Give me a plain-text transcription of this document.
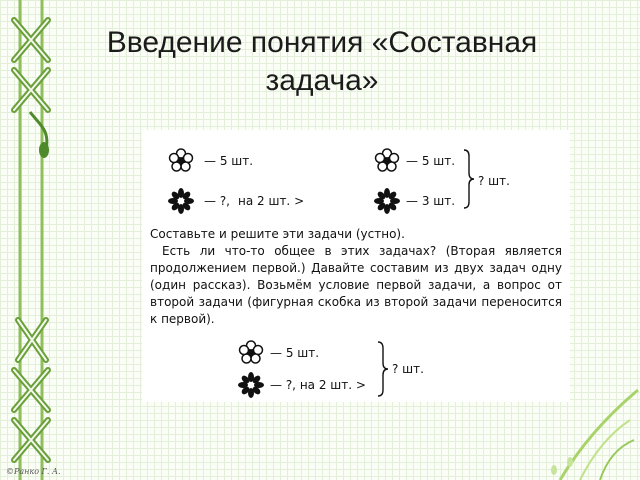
Введение понятия «Составная задача»
— 5 шт.
— ?, на 2 шт. >
— 5 шт.
— 3 шт.
? шт.

Составьте и решите эти задачи (устно).

Есть ли что-то общее в этих задачах? (Вторая является продолжением первой.) Давайте составим из двух задач одну (один рассказ). Возьмём условие первой задачи, а вопрос от второй задачи (фигурная скобка из второй задачи переносится к первой).

— 5 шт.
— ?, на 2 шт. >
? шт.
©Ранко Г. А.
